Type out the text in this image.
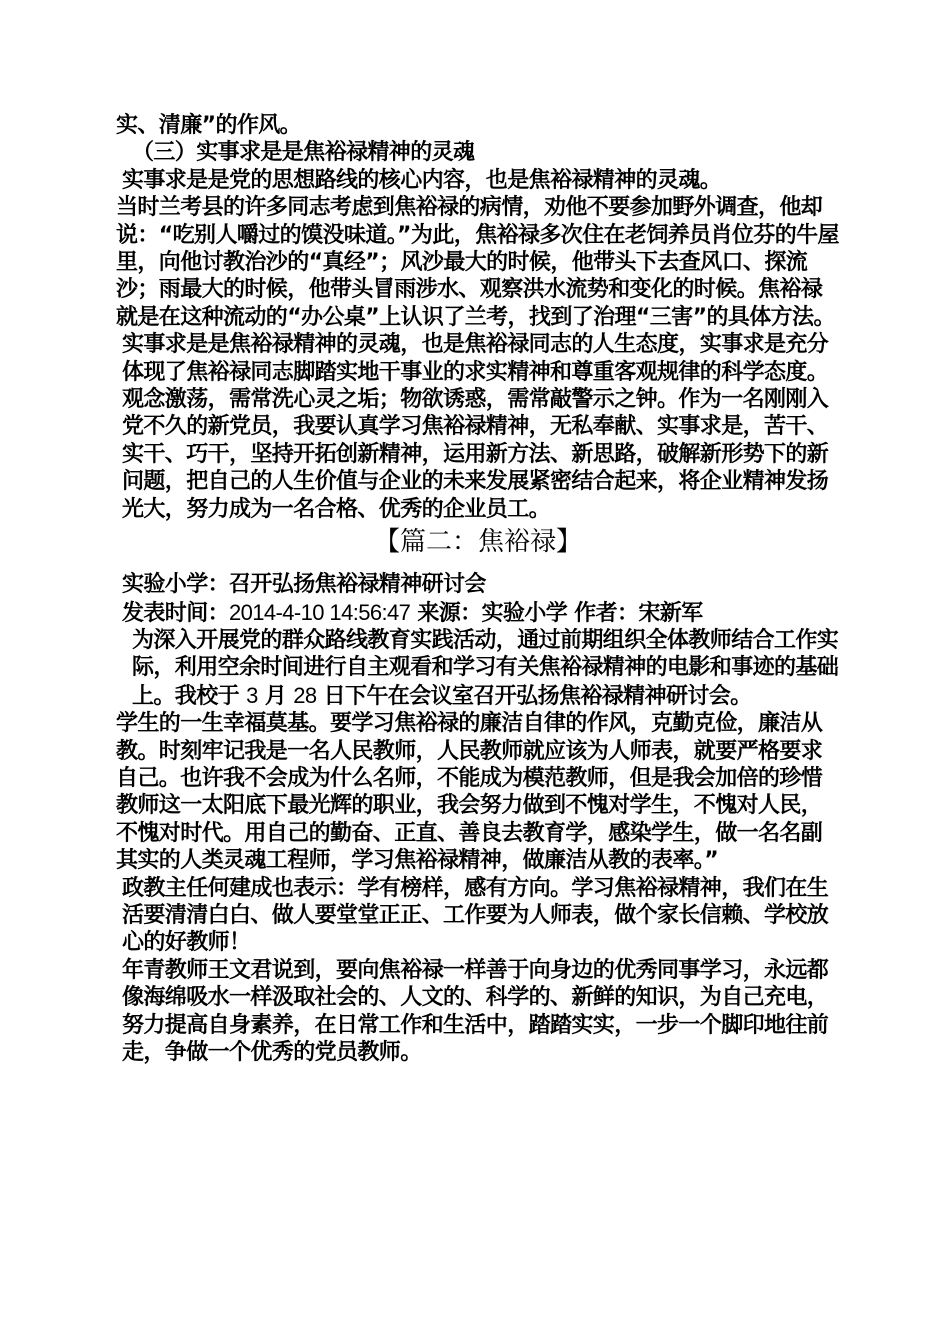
实、清廉”的作风。

（三）实事求是是焦裕禄精神的灵魂

实事求是是党的思想路线的核心内容，也是焦裕禄精神的灵魂。

当时兰考县的许多同志考虑到焦裕禄的病情，劝他不要参加野外调查，他却说：“吃别人嚼过的馍没味道。”为此，焦裕禄多次住在老饲养员肖位芬的牛屋里，向他讨教治沙的“真经”；风沙最大的时候，他带头下去查风口、探流沙；雨最大的时候，他带头冒雨涉水、观察洪水流势和变化的时候。焦裕禄就是在这种流动的“办公桌”上认识了兰考，找到了治理“三害”的具体方法。

实事求是是焦裕禄精神的灵魂，也是焦裕禄同志的人生态度，实事求是充分体现了焦裕禄同志脚踏实地干事业的求实精神和尊重客观规律的科学态度。

观念激荡，需常洗心灵之垢；物欲诱惑，需常敲警示之钟。作为一名刚刚入党不久的新党员，我要认真学习焦裕禄精神，无私奉献、实事求是，苦干、实干、巧干，坚持开拓创新精神，运用新方法、新思路，破解新形势下的新问题，把自己的人生价值与企业的未来发展紧密结合起来，将企业精神发扬光大，努力成为一名合格、优秀的企业员工。

【篇二：焦裕禄】

实验小学：召开弘扬焦裕禄精神研讨会

发表时间：2014-4-10 14:56:47 来源：实验小学 作者：宋新军

为深入开展党的群众路线教育实践活动，通过前期组织全体教师结合工作实际，利用空余时间进行自主观看和学习有关焦裕禄精神的电影和事迹的基础上。我校于 3 月 28 日下午在会议室召开弘扬焦裕禄精神研讨会。

学生的一生幸福莫基。要学习焦裕禄的廉洁自律的作风，克勤克俭，廉洁从教。时刻牢记我是一名人民教师，人民教师就应该为人师表，就要严格要求自己。也许我不会成为什么名师，不能成为模范教师，但是我会加倍的珍惜教师这一太阳底下最光辉的职业，我会努力做到不愧对学生，不愧对人民，不愧对时代。用自己的勤奋、正直、善良去教育学，感染学生，做一名名副其实的人类灵魂工程师，学习焦裕禄精神，做廉洁从教的表率。”

政教主任何建成也表示：学有榜样，感有方向。学习焦裕禄精神，我们在生活要清清白白、做人要堂堂正正、工作要为人师表，做个家长信赖、学校放心的好教师！

年青教师王文君说到，要向焦裕禄一样善于向身边的优秀同事学习，永远都像海绵吸水一样汲取社会的、人文的、科学的、新鲜的知识，为自己充电，努力提高自身素养，在日常工作和生活中，踏踏实实，一步一个脚印地往前走，争做一个优秀的党员教师。
